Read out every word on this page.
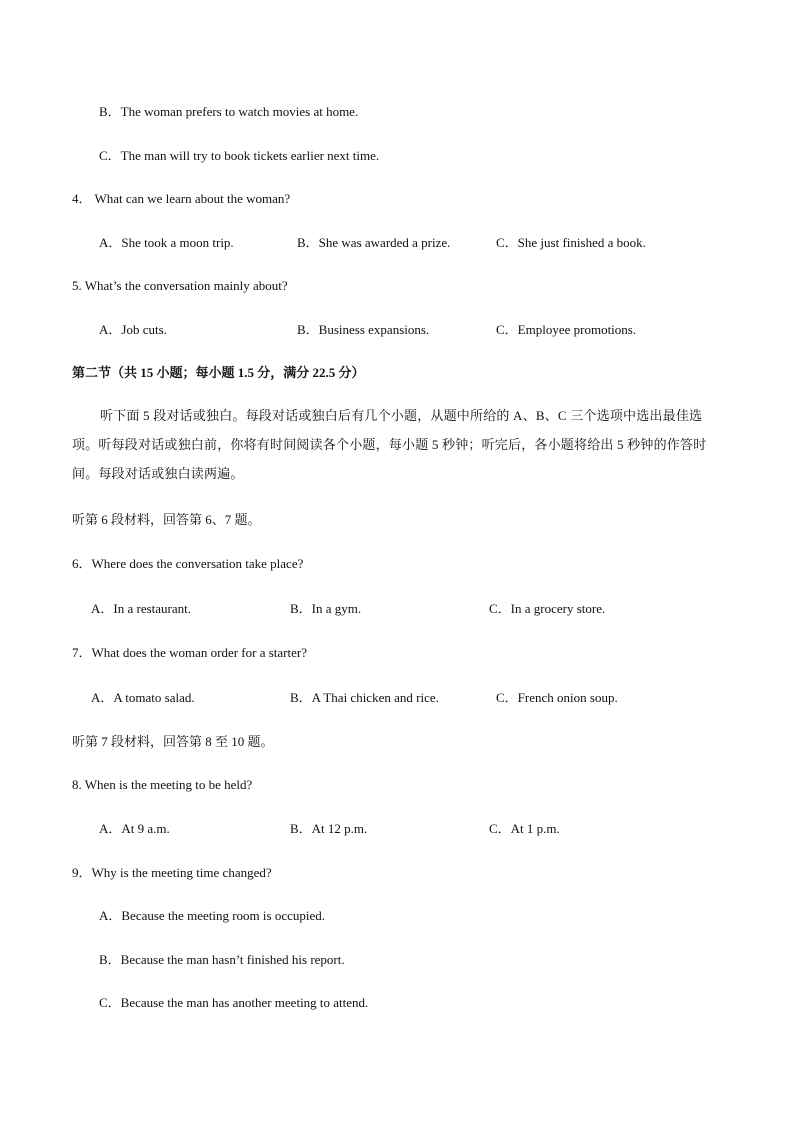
B．The woman prefers to watch movies at home.
C．The man will try to book tickets earlier next time.
4． What can we learn about the woman?
A．She took a moon trip.	B．She was awarded a prize.	C．She just finished a book.
5. What’s the conversation mainly about?
A．Job cuts.	B．Business expansions.	C．Employee promotions.
第二节（共 15 小题；每小题 1.5 分，满分 22.5 分）
听下面 5 段对话或独白。每段对话或独白后有几个小题，从题中所给的 A、B、C 三个选项中选出最佳选项。听每段对话或独白前，你将有时间阅读各个小题，每小题 5 秒钟；听完后，各小题将给出 5 秒钟的作答时间。每段对话或独白读两遍。
听第 6 段材料，回答第 6、7 题。
6．Where does the conversation take place?
A．In a restaurant.	B．In a gym.	C．In a grocery store.
7．What does the woman order for a starter?
A．A tomato salad.	B．A Thai chicken and rice.	C．French onion soup.
听第 7 段材料，回答第 8 至 10 题。
8. When is the meeting to be held?
A．At 9 a.m.	B．At 12 p.m.	C．At 1 p.m.
9．Why is the meeting time changed?
A．Because the meeting room is occupied.
B．Because the man hasn’t finished his report.
C．Because the man has another meeting to attend.
